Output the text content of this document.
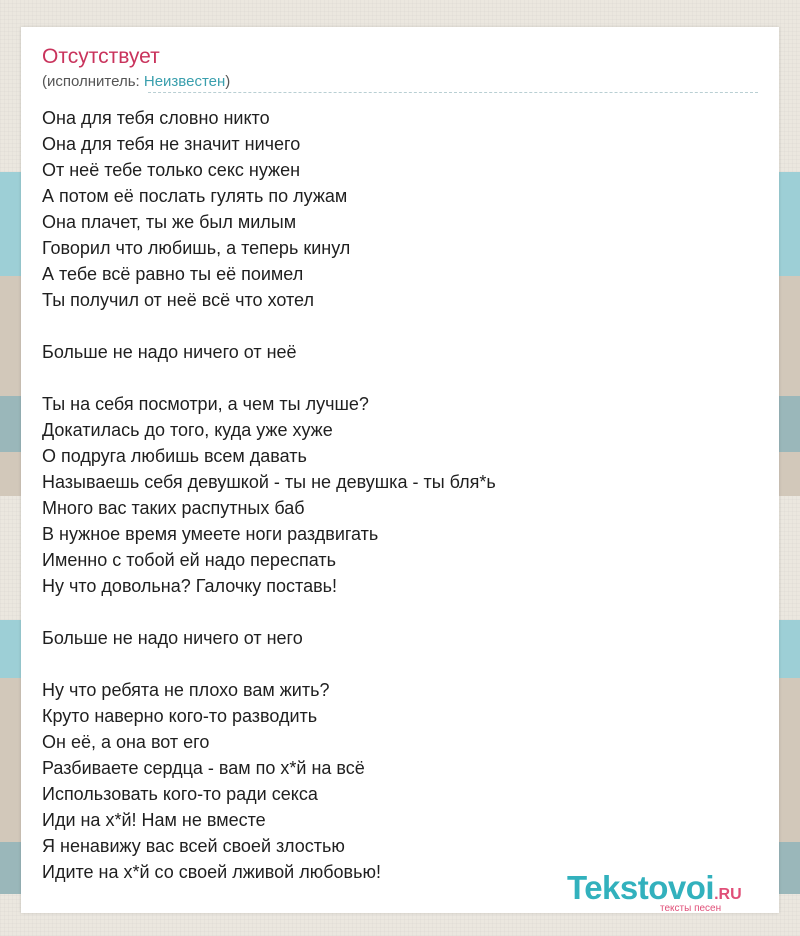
Отсутствует
(исполнитель: Неизвестен)
Она для тебя словно никто
Она для тебя не значит ничего
От неё тебе только секс нужен
А потом её послать гулять по лужам
Она плачет, ты же был милым
Говорил что любишь, а теперь кинул
А тебе всё равно ты её поимел
Ты получил от неё всё что хотел
Больше не надо ничего от неё
Ты на себя посмотри, а чем ты лучше?
Докатилась до того, куда уже хуже
О подруга любишь всем давать
Называешь себя девушкой - ты не девушка - ты бля*ь
Много вас таких распутных баб
В нужное время умеете ноги раздвигать
Именно с тобой ей надо переспать
Ну что довольна? Галочку поставь!
Больше не надо ничего от него
Ну что ребята не плохо вам жить?
Круто наверно кого-то разводить
Он её, а она вот его
Разбиваете сердца - вам по х*й на всё
Использовать кого-то ради секса
Иди на х*й! Нам не вместе
Я ненавижу вас всей своей злостью
Идите на х*й со своей лживой любовью!	Tekstovoi.RU
тексты песен
